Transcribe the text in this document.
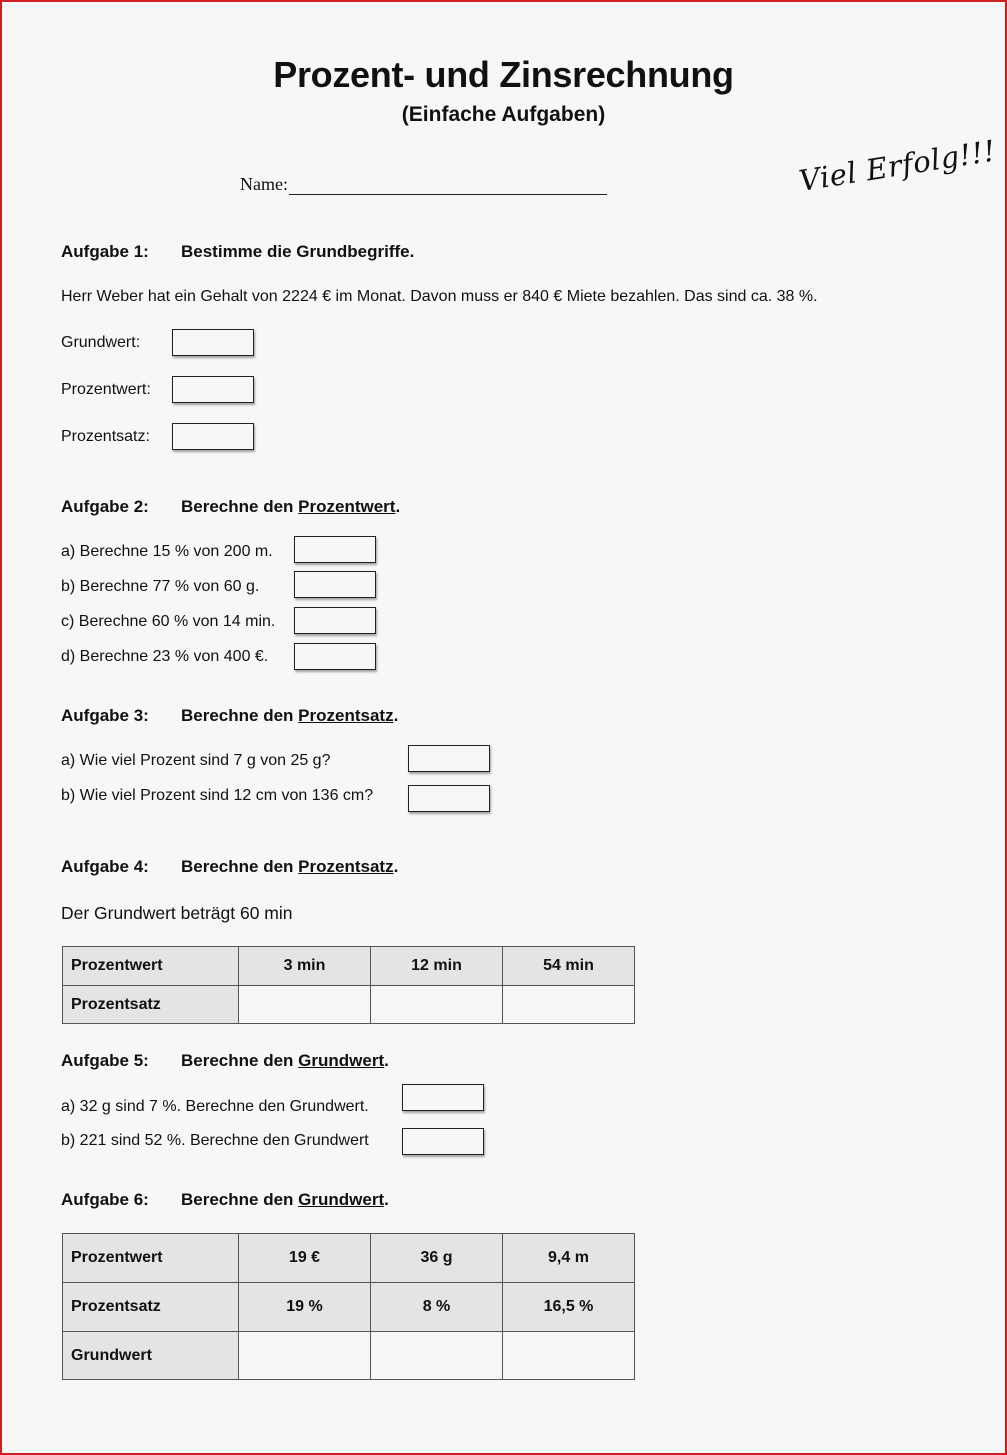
Prozent- und Zinsrechnung
(Einfache Aufgaben)
Name:	Viel Erfolg!!!
Aufgabe 1:	Bestimme die Grundbegriffe.
Herr Weber hat ein Gehalt von 2224 € im Monat. Davon muss er 840 € Miete bezahlen. Das sind ca. 38 %.
Grundwert:
Prozentwert:
Prozentsatz:
Aufgabe 2:	Berechne den Prozentwert.
a) Berechne 15 % von 200 m.
b) Berechne 77 % von 60 g.
c) Berechne 60 % von 14 min.
d) Berechne 23 % von 400 €.
Aufgabe 3:	Berechne den Prozentsatz.
a) Wie viel Prozent sind 7 g von 25 g?
b) Wie viel Prozent sind 12 cm von 136 cm?
Aufgabe 4:	Berechne den Prozentsatz.
Der Grundwert beträgt 60 min
Prozentwert	3 min	12 min	54 min
Prozentsatz			
Aufgabe 5:	Berechne den Grundwert.
a) 32 g sind 7 %. Berechne den Grundwert.
b) 221 sind 52 %. Berechne den Grundwert
Aufgabe 6:	Berechne den Grundwert.
Prozentwert	19 €	36 g	9,4 m
Prozentsatz	19 %	8 %	16,5 %
Grundwert			
